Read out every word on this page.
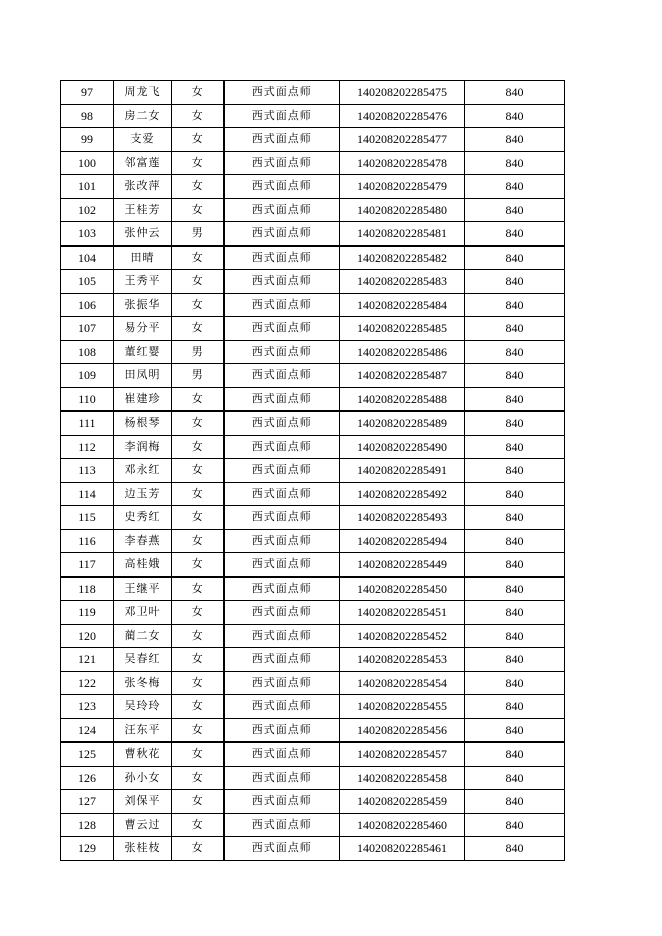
97	周龙飞	女	西式面点师	140208202285475	840
98	房二女	女	西式面点师	140208202285476	840
99	支爱	女	西式面点师	140208202285477	840
100	邻富莲	女	西式面点师	140208202285478	840
101	张改萍	女	西式面点师	140208202285479	840
102	王桂芳	女	西式面点师	140208202285480	840
103	张仲云	男	西式面点师	140208202285481	840
104	田晴	女	西式面点师	140208202285482	840
105	王秀平	女	西式面点师	140208202285483	840
106	张振华	女	西式面点师	140208202285484	840
107	易分平	女	西式面点师	140208202285485	840
108	董红婴	男	西式面点师	140208202285486	840
109	田凤明	男	西式面点师	140208202285487	840
110	崔建珍	女	西式面点师	140208202285488	840
111	杨根琴	女	西式面点师	140208202285489	840
112	李润梅	女	西式面点师	140208202285490	840
113	邓永红	女	西式面点师	140208202285491	840
114	边玉芳	女	西式面点师	140208202285492	840
115	史秀红	女	西式面点师	140208202285493	840
116	李春燕	女	西式面点师	140208202285494	840
117	高桂娥	女	西式面点师	140208202285449	840
118	王继平	女	西式面点师	140208202285450	840
119	邓卫叶	女	西式面点师	140208202285451	840
120	蔺二女	女	西式面点师	140208202285452	840
121	吴春红	女	西式面点师	140208202285453	840
122	张冬梅	女	西式面点师	140208202285454	840
123	吴玲玲	女	西式面点师	140208202285455	840
124	汪东平	女	西式面点师	140208202285456	840
125	曹秋花	女	西式面点师	140208202285457	840
126	孙小女	女	西式面点师	140208202285458	840
127	刘保平	女	西式面点师	140208202285459	840
128	曹云过	女	西式面点师	140208202285460	840
129	张桂枝	女	西式面点师	140208202285461	840
